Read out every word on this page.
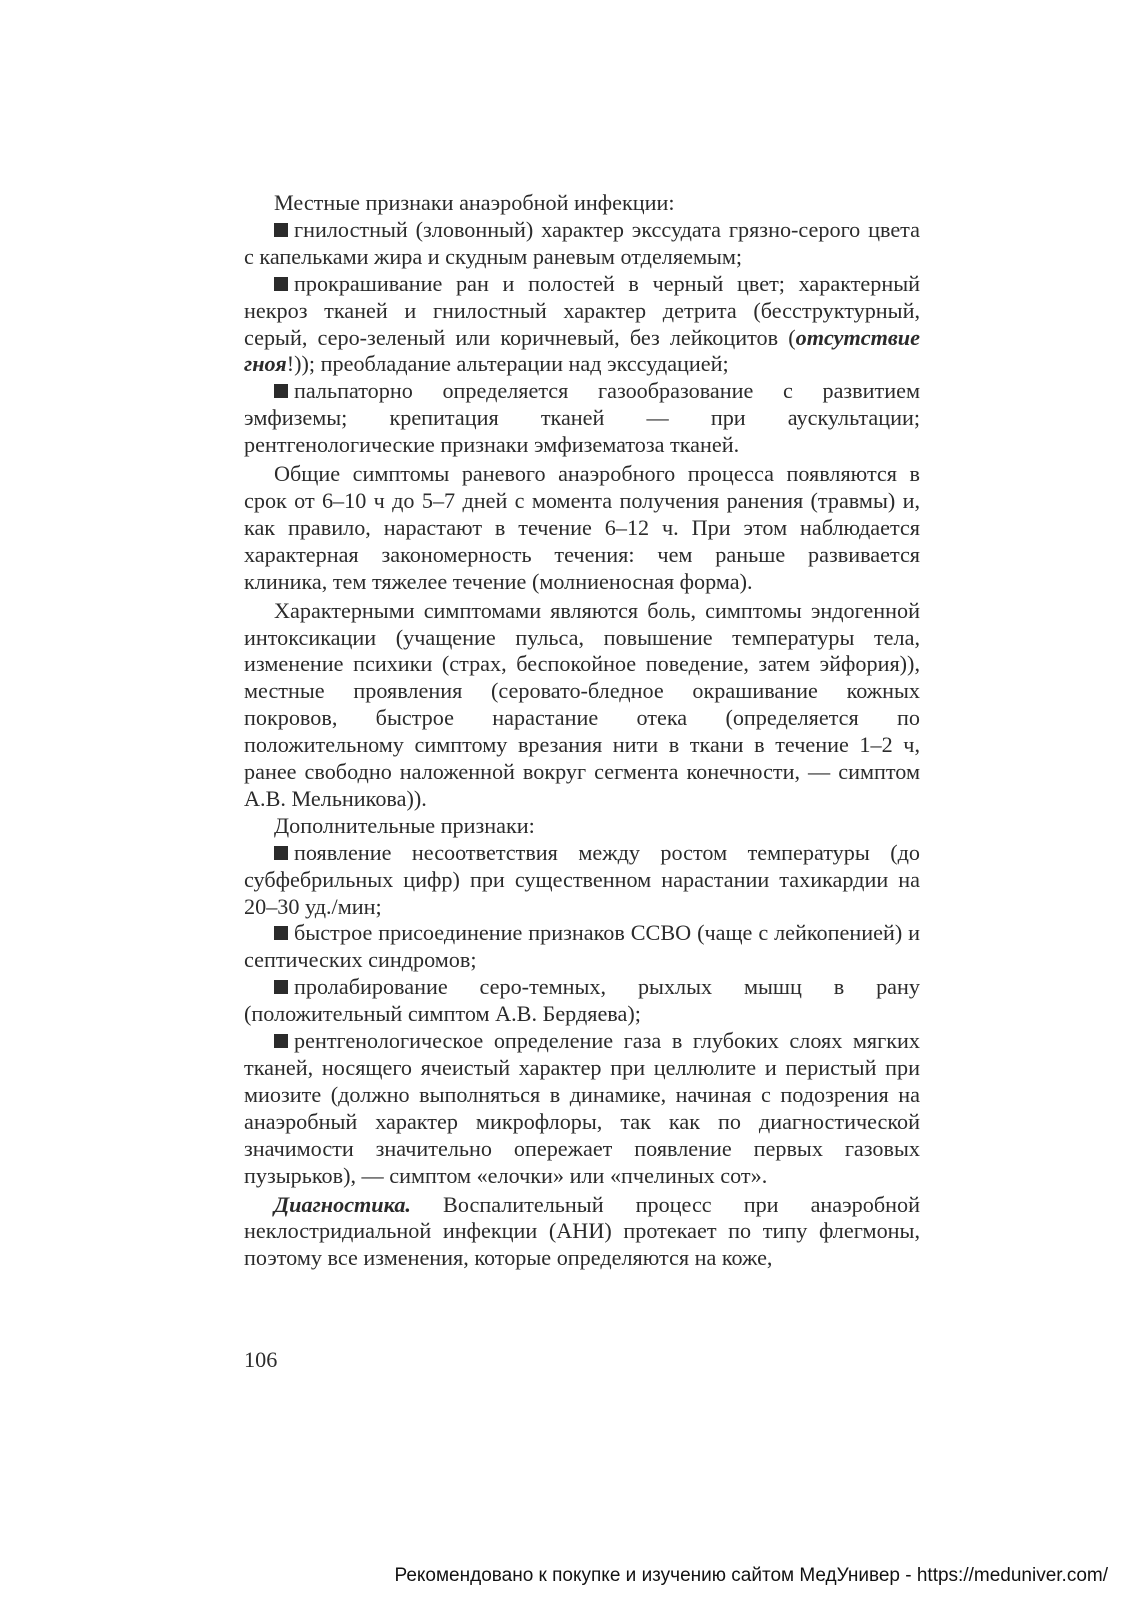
Местные признаки анаэробной инфекции:

гнилостный (зловонный) характер экссудата грязно-серого цвета с капельками жира и скудным раневым отделяемым;

прокрашивание ран и полостей в черный цвет; характерный некроз тканей и гнилостный характер детрита (бесструктурный, серый, серо-зеленый или коричневый, без лейкоцитов (отсутствие гноя!)); преобладание альтерации над экссудацией;

пальпаторно определяется газообразование с развитием эмфиземы; крепитация тканей — при аускультации; рентгенологические признаки эмфизематоза тканей.

Общие симптомы раневого анаэробного процесса появляются в срок от 6–10 ч до 5–7 дней с момента получения ранения (травмы) и, как правило, нарастают в течение 6–12 ч. При этом наблюдается характерная закономерность течения: чем раньше развивается клиника, тем тяжелее течение (молниеносная форма).

Характерными симптомами являются боль, симптомы эндогенной интоксикации (учащение пульса, повышение температуры тела, изменение психики (страх, беспокойное поведение, затем эйфория)), местные проявления (серовато-бледное окрашивание кожных покровов, быстрое нарастание отека (определяется по положительному симптому врезания нити в ткани в течение 1–2 ч, ранее свободно наложенной вокруг сегмента конечности, — симптом А.В. Мельникова)).

Дополнительные признаки:

появление несоответствия между ростом температуры (до субфебрильных цифр) при существенном нарастании тахикардии на 20–30 уд./мин;

быстрое присоединение признаков ССВО (чаще с лейкопенией) и септических синдромов;

пролабирование серо-темных, рыхлых мышц в рану (положительный симптом А.В. Бердяева);

рентгенологическое определение газа в глубоких слоях мягких тканей, носящего ячеистый характер при целлюлите и перистый при миозите (должно выполняться в динамике, начиная с подозрения на анаэробный характер микрофлоры, так как по диагностической значимости значительно опережает появление первых газовых пузырьков), — симптом «елочки» или «пчелиных сот».

Диагностика. Воспалительный процесс при анаэробной неклостридиальной инфекции (АНИ) протекает по типу флегмоны, поэтому все изменения, которые определяются на коже,

106
Рекомендовано к покупке и изучению сайтом МедУнивер - https://meduniver.com/
